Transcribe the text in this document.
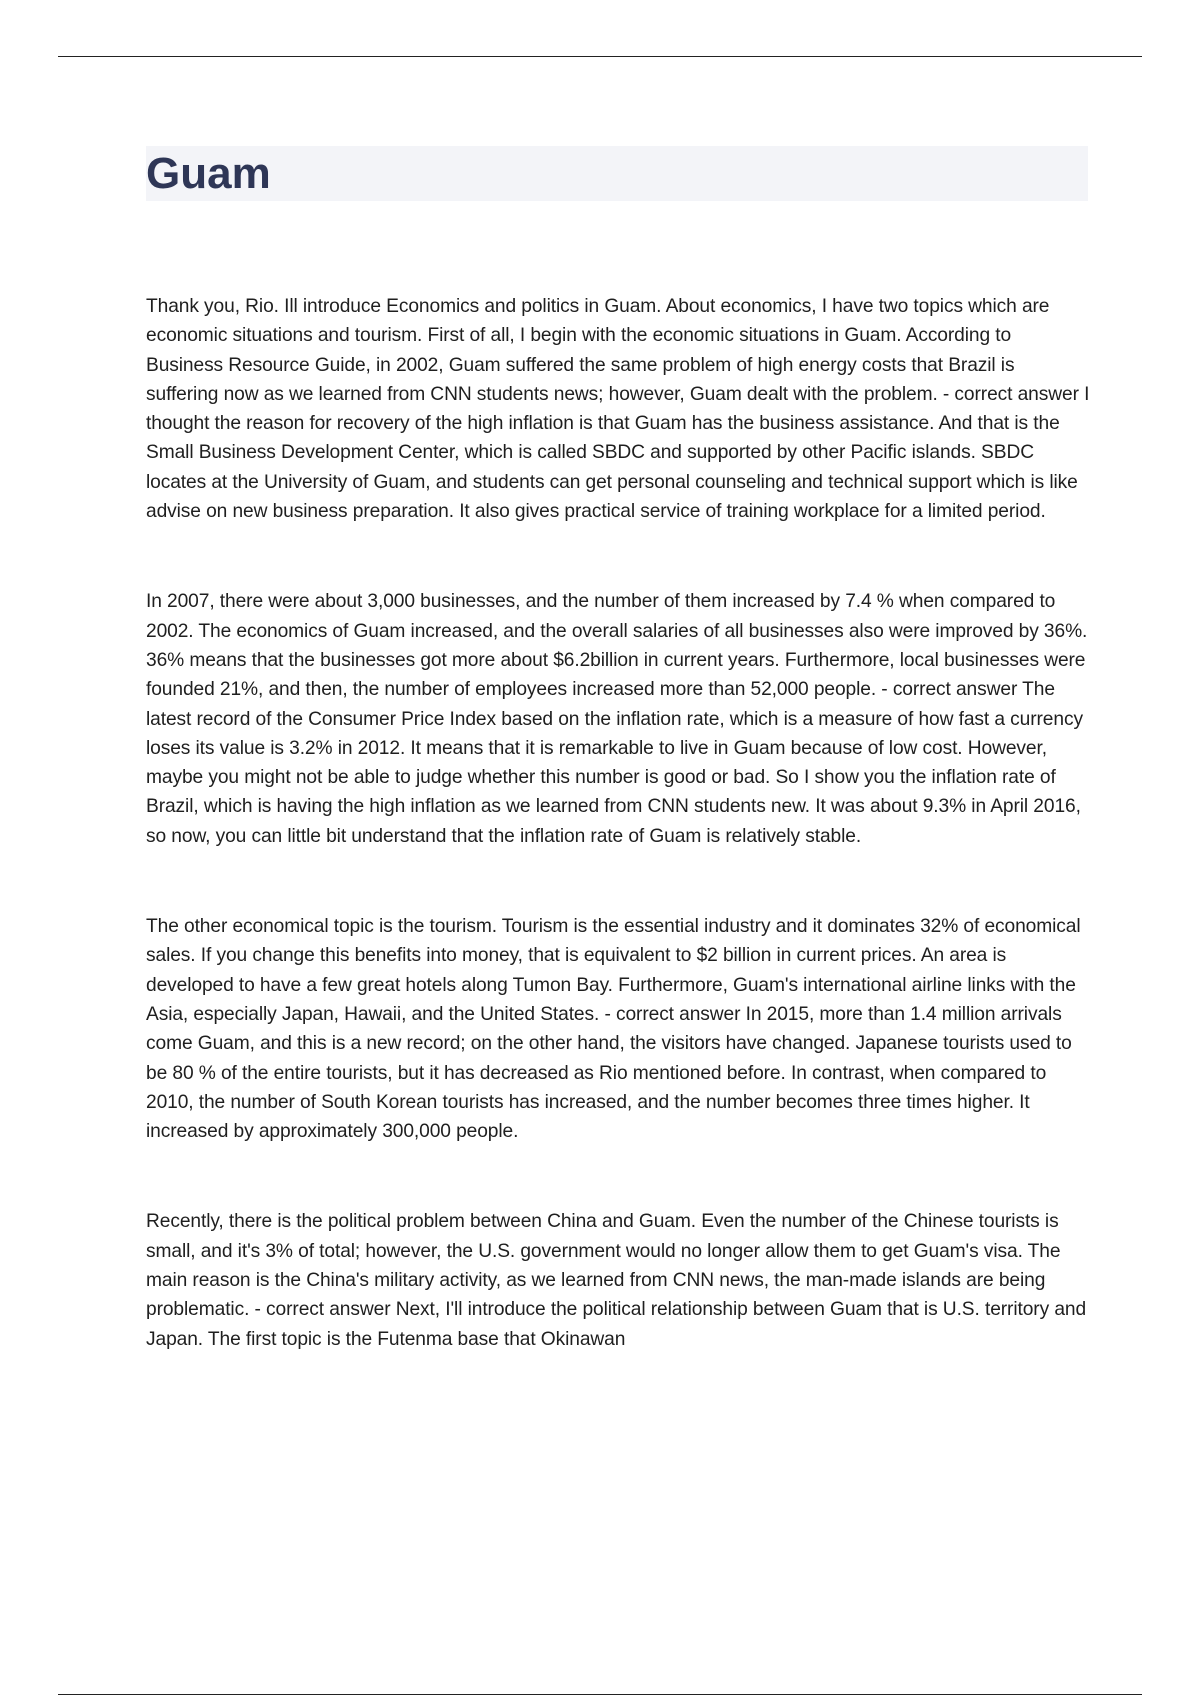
Guam

Thank you, Rio. Ill introduce Economics and politics in Guam. About economics, I have two topics which are economic situations and tourism. First of all, I begin with the economic situations in Guam. According to Business Resource Guide, in 2002, Guam suffered the same problem of high energy costs that Brazil is suffering now as we learned from CNN students news; however, Guam dealt with the problem. - correct answer I thought the reason for recovery of the high inflation is that Guam has the business assistance. And that is the Small Business Development Center, which is called SBDC and supported by other Pacific islands. SBDC locates at the University of Guam, and students can get personal counseling and technical support which is like advise on new business preparation. It also gives practical service of training workplace for a limited period.

In 2007, there were about 3,000 businesses, and the number of them increased by 7.4 % when compared to 2002. The economics of Guam increased, and the overall salaries of all businesses also were improved by 36%. 36% means that the businesses got more about $6.2billion in current years. Furthermore, local businesses were founded 21%, and then, the number of employees increased more than 52,000 people. - correct answer The latest record of the Consumer Price Index based on the inflation rate, which is a measure of how fast a currency loses its value is 3.2% in 2012. It means that it is remarkable to live in Guam because of low cost. However, maybe you might not be able to judge whether this number is good or bad. So I show you the inflation rate of Brazil, which is having the high inflation as we learned from CNN students new. It was about 9.3% in April 2016, so now, you can little bit understand that the inflation rate of Guam is relatively stable.

The other economical topic is the tourism. Tourism is the essential industry and it dominates 32% of economical sales. If you change this benefits into money, that is equivalent to $2 billion in current prices. An area is developed to have a few great hotels along Tumon Bay. Furthermore, Guam's international airline links with the Asia, especially Japan, Hawaii, and the United States. - correct answer In 2015, more than 1.4 million arrivals come Guam, and this is a new record; on the other hand, the visitors have changed. Japanese tourists used to be 80 % of the entire tourists, but it has decreased as Rio mentioned before. In contrast, when compared to 2010, the number of South Korean tourists has increased, and the number becomes three times higher. It increased by approximately 300,000 people.

Recently, there is the political problem between China and Guam. Even the number of the Chinese tourists is small, and it's 3% of total; however, the U.S. government would no longer allow them to get Guam's visa. The main reason is the China's military activity, as we learned from CNN news, the man-made islands are being problematic. - correct answer Next, I'll introduce the political relationship between Guam that is U.S. territory and Japan. The first topic is the Futenma base that Okinawan
